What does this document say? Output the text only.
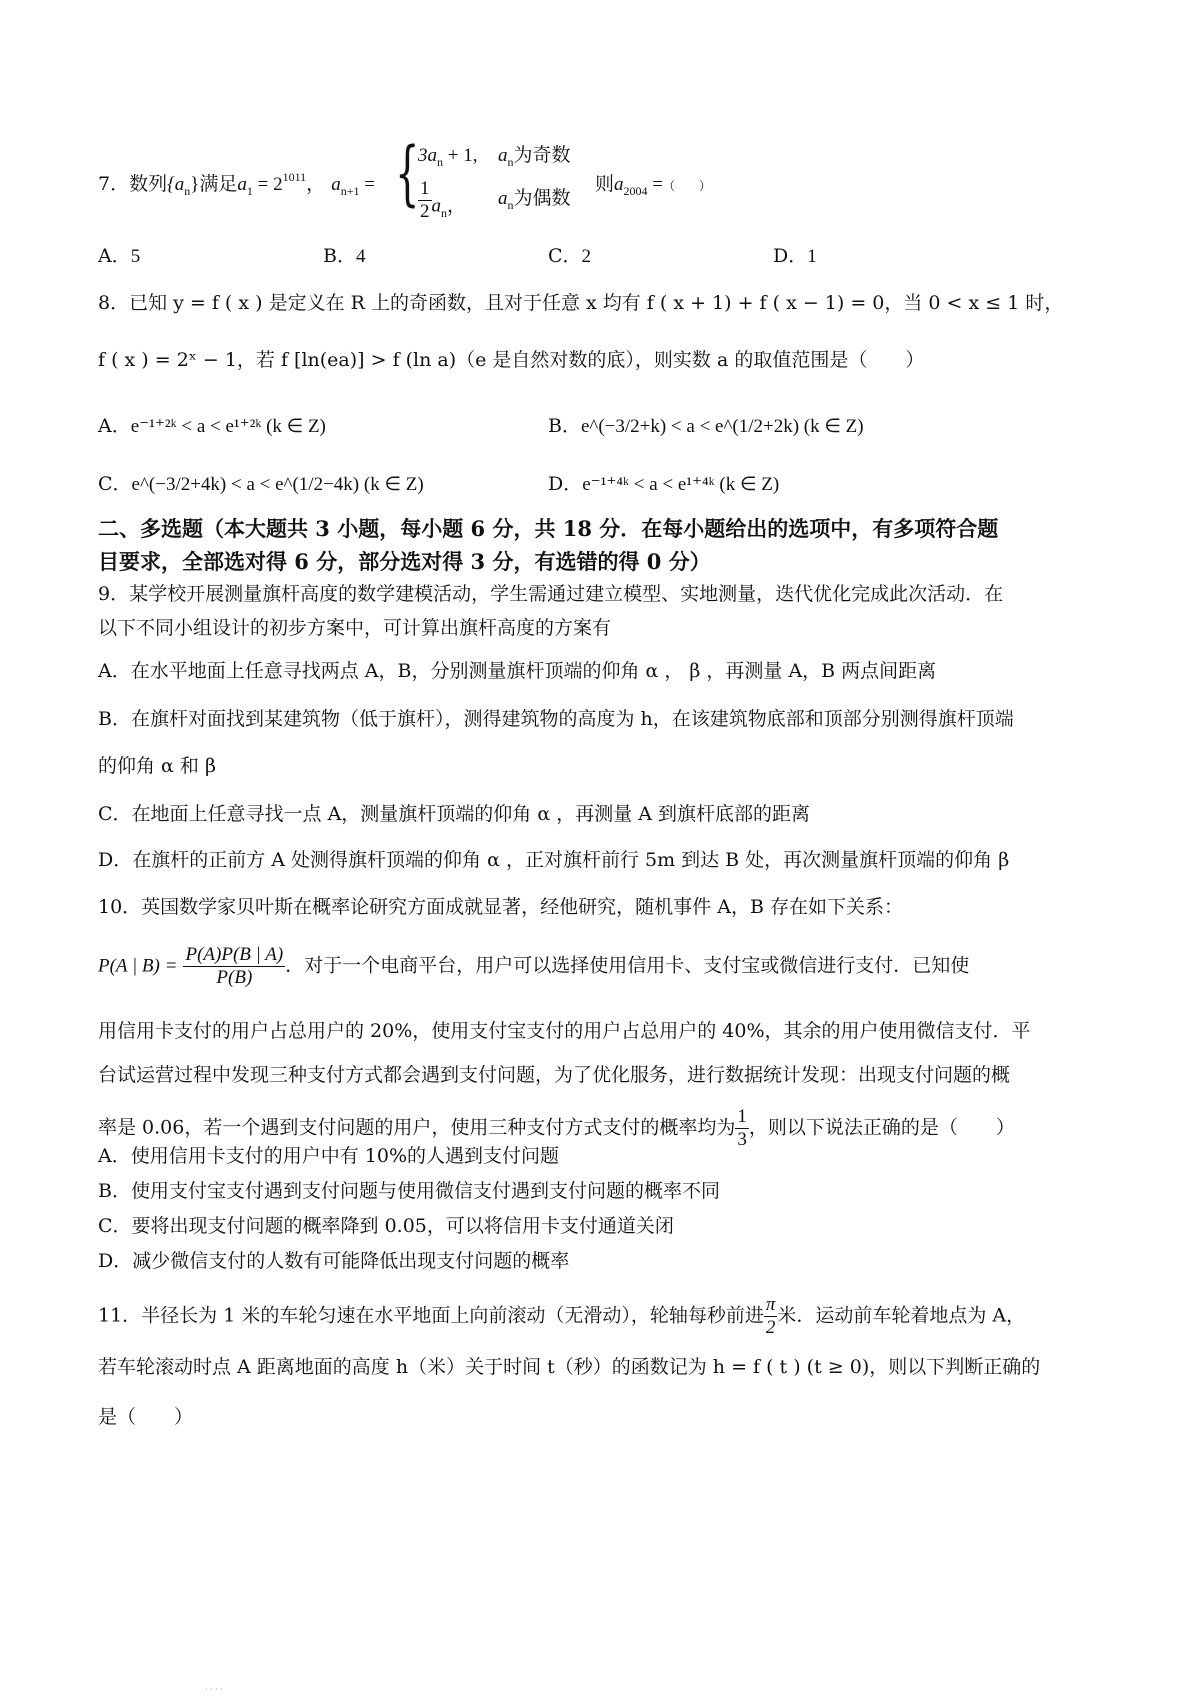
7．数列$\{a_n\}$满足$a_1 = 2^{1011}$， $a_{n+1}$ = {
$3a_n + 1$, $a_n$为奇数
$\frac{1}{2} a_n$， $a_n$为偶数
则$a_{2004}$ =（　　）
A．5	B．4	C．2	D．1
8．已知 y = f ( x ) 是定义在 R 上的奇函数，且对于任意 x 均有 f ( x + 1) + f ( x − 1) = 0，当 0 < x ≤ 1 时，
f ( x ) = 2ˣ − 1，若 f [ln(ea)] > f (ln a)（e 是自然对数的底），则实数 a 的取值范围是（　　）
A．e⁻¹⁺²ᵏ < a < e¹⁺²ᵏ (k ∈ Z)	B．e^(−3/2+k) < a < e^(1/2+2k) (k ∈ Z)
C．e^(−3/2+4k) < a < e^(1/2−4k) (k ∈ Z)	D．e⁻¹⁺⁴ᵏ < a < e¹⁺⁴ᵏ (k ∈ Z)
二、多选题（本大题共 3 小题，每小题 6 分，共 18 分．在每小题给出的选项中，有多项符合题
目要求，全部选对得 6 分，部分选对得 3 分，有选错的得 0 分）
9．某学校开展测量旗杆高度的数学建模活动，学生需通过建立模型、实地测量，迭代优化完成此次活动．在
以下不同小组设计的初步方案中，可计算出旗杆高度的方案有
A．在水平地面上任意寻找两点 A，B，分别测量旗杆顶端的仰角 α ， β ，再测量 A，B 两点间距离
B．在旗杆对面找到某建筑物（低于旗杆），测得建筑物的高度为 h，在该建筑物底部和顶部分别测得旗杆顶端
的仰角 α 和 β
C．在地面上任意寻找一点 A，测量旗杆顶端的仰角 α ，再测量 A 到旗杆底部的距离
D．在旗杆的正前方 A 处测得旗杆顶端的仰角 α ，正对旗杆前行 5m 到达 B 处，再次测量旗杆顶端的仰角 β
10．英国数学家贝叶斯在概率论研究方面成就显著，经他研究，随机事件 A，B 存在如下关系：
P(A | $B) = \frac{P(A)P(B | A)}{P(B)}$ ．对于一个电商平台，用户可以选择使用信用卡、支付宝或微信进行支付．已知使
用信用卡支付的用户占总用户的 20%，使用支付宝支付的用户占总用户的 40%，其余的用户使用微信支付．平
台试运营过程中发现三种支付方式都会遇到支付问题，为了优化服务，进行数据统计发现：出现支付问题的概
率是 0.06，若一个遇到支付问题的用户，使用三种支付方式支付的概率均为 $\frac{1}{3}$ ，则以下说法正确的是（　　）
A．使用信用卡支付的用户中有 10%的人遇到支付问题
B．使用支付宝支付遇到支付问题与使用微信支付遇到支付问题的概率不同
C．要将出现支付问题的概率降到 0.05，可以将信用卡支付通道关闭
D．减少微信支付的人数有可能降低出现支付问题的概率
11．半径长为 1 米的车轮匀速在水平地面上向前滚动（无滑动），轮轴每秒前进 $\frac{\pi}{2}$ 米．运动前车轮着地点为 A，
若车轮滚动时点 A 距离地面的高度 h（米）关于时间 t（秒）的函数记为 h = f ( t ) (t ≥ 0)，则以下判断正确的
是（　　）
· · · ·
